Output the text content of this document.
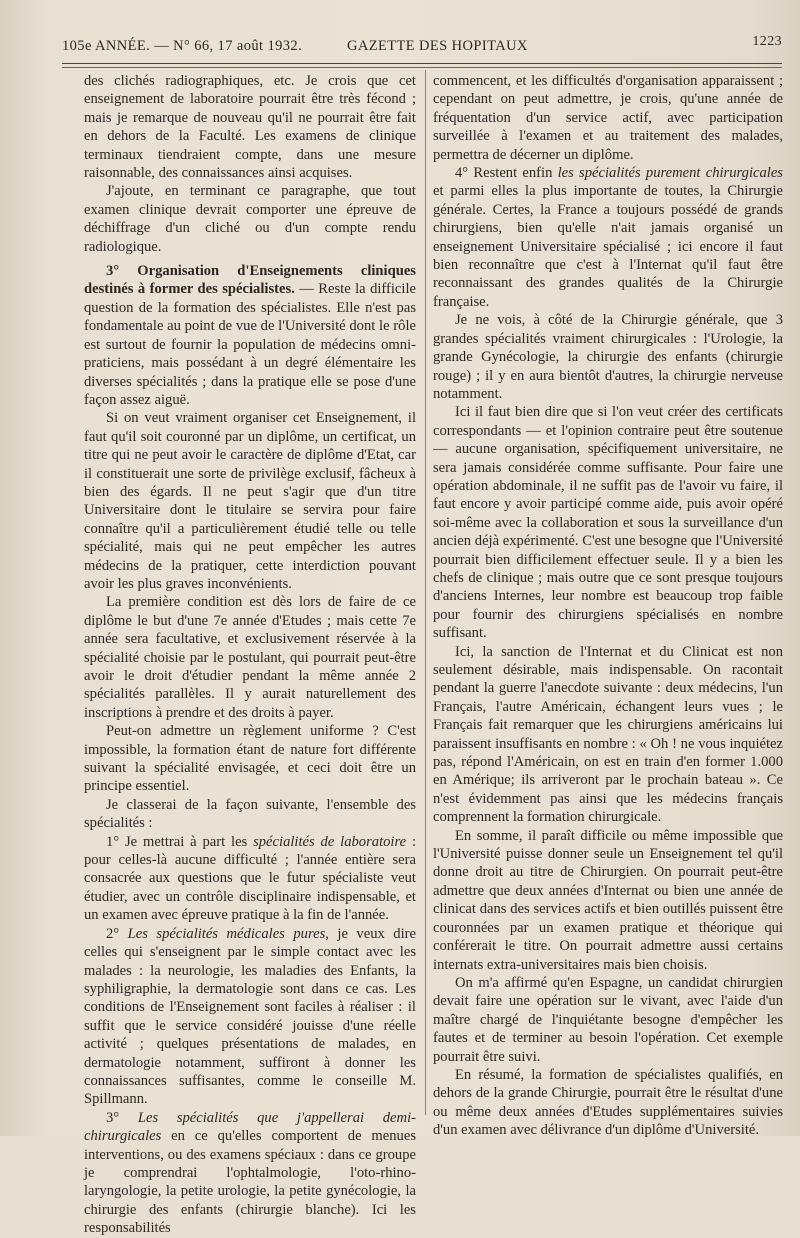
105e ANNÉE. — N° 66, 17 août 1932.	GAZETTE DES HOPITAUX	1223

des clichés radiographiques, etc. Je crois que cet enseignement de laboratoire pourrait être très fécond ; mais je remarque de nouveau qu'il ne pourrait être fait en dehors de la Faculté. Les examens de clinique terminaux tiendraient compte, dans une mesure raisonnable, des connaissances ainsi acquises.

J'ajoute, en terminant ce paragraphe, que tout examen clinique devrait comporter une épreuve de déchiffrage d'un cliché ou d'un compte rendu radiologique.

3° Organisation d'Enseignements cliniques destinés à former des spécialistes. — Reste la difficile question de la formation des spécialistes. Elle n'est pas fondamentale au point de vue de l'Université dont le rôle est surtout de fournir la population de médecins omni-praticiens, mais possédant à un degré élémentaire les diverses spécialités ; dans la pratique elle se pose d'une façon assez aiguë.

Si on veut vraiment organiser cet Enseignement, il faut qu'il soit couronné par un diplôme, un certificat, un titre qui ne peut avoir le caractère de diplôme d'Etat, car il constituerait une sorte de privilège exclusif, fâcheux à bien des égards. Il ne peut s'agir que d'un titre Universitaire dont le titulaire se servira pour faire connaître qu'il a particulièrement étudié telle ou telle spécialité, mais qui ne peut empêcher les autres médecins de la pratiquer, cette interdiction pouvant avoir les plus graves inconvénients.

La première condition est dès lors de faire de ce diplôme le but d'une 7e année d'Etudes ; mais cette 7e année sera facultative, et exclusivement réservée à la spécialité choisie par le postulant, qui pourrait peut-être avoir le droit d'étudier pendant la même année 2 spécialités parallèles. Il y aurait naturellement des inscriptions à prendre et des droits à payer.

Peut-on admettre un règlement uniforme ? C'est impossible, la formation étant de nature fort différente suivant la spécialité envisagée, et ceci doit être un principe essentiel.

Je classerai de la façon suivante, l'ensemble des spécialités :

1° Je mettrai à part les spécialités de laboratoire : pour celles-là aucune difficulté ; l'année entière sera consacrée aux questions que le futur spécialiste veut étudier, avec un contrôle disciplinaire indispensable, et un examen avec épreuve pratique à la fin de l'année.

2° Les spécialités médicales pures, je veux dire celles qui s'enseignent par le simple contact avec les malades : la neurologie, les maladies des Enfants, la syphiligraphie, la dermatologie sont dans ce cas. Les conditions de l'Enseignement sont faciles à réaliser : il suffit que le service considéré jouisse d'une réelle activité ; quelques présentations de malades, en dermatologie notamment, suffiront à donner les connaissances suffisantes, comme le conseille M. Spillmann.

3° Les spécialités que j'appellerai demi-chirurgicales en ce qu'elles comportent de menues interventions, ou des examens spéciaux : dans ce groupe je comprendrai l'ophtalmologie, l'oto-rhino-laryngologie, la petite urologie, la petite gynécologie, la chirurgie des enfants (chirurgie blanche). Ici les responsabilités

commencent, et les difficultés d'organisation apparaissent ; cependant on peut admettre, je crois, qu'une année de fréquentation d'un service actif, avec participation surveillée à l'examen et au traitement des malades, permettra de décerner un diplôme.

4° Restent enfin les spécialités purement chirurgicales et parmi elles la plus importante de toutes, la Chirurgie générale. Certes, la France a toujours possédé de grands chirurgiens, bien qu'elle n'ait jamais organisé un enseignement Universitaire spécialisé ; ici encore il faut bien reconnaître que c'est à l'Internat qu'il faut être reconnaissant des grandes qualités de la Chirurgie française.

Je ne vois, à côté de la Chirurgie générale, que 3 grandes spécialités vraiment chirurgicales : l'Urologie, la grande Gynécologie, la chirurgie des enfants (chirurgie rouge) ; il y en aura bientôt d'autres, la chirurgie nerveuse notamment.

Ici il faut bien dire que si l'on veut créer des certificats correspondants — et l'opinion contraire peut être soutenue — aucune organisation, spécifiquement universitaire, ne sera jamais considérée comme suffisante. Pour faire une opération abdominale, il ne suffit pas de l'avoir vu faire, il faut encore y avoir participé comme aide, puis avoir opéré soi-même avec la collaboration et sous la surveillance d'un ancien déjà expérimenté. C'est une besogne que l'Université pourrait bien difficilement effectuer seule. Il y a bien les chefs de clinique ; mais outre que ce sont presque toujours d'anciens Internes, leur nombre est beaucoup trop faible pour fournir des chirurgiens spécialisés en nombre suffisant.

Ici, la sanction de l'Internat et du Clinicat est non seulement désirable, mais indispensable. On racontait pendant la guerre l'anecdote suivante : deux médecins, l'un Français, l'autre Américain, échangent leurs vues ; le Français fait remarquer que les chirurgiens américains lui paraissent insuffisants en nombre : « Oh ! ne vous inquiétez pas, répond l'Américain, on est en train d'en former 1.000 en Amérique; ils arriveront par le prochain bateau ». Ce n'est évidemment pas ainsi que les médecins français comprennent la formation chirurgicale.

En somme, il paraît difficile ou même impossible que l'Université puisse donner seule un Enseignement tel qu'il donne droit au titre de Chirurgien. On pourrait peut-être admettre que deux années d'Internat ou bien une année de clinicat dans des services actifs et bien outillés puissent être couronnées par un examen pratique et théorique qui conférerait le titre. On pourrait admettre aussi certains internats extra-universitaires mais bien choisis.

On m'a affirmé qu'en Espagne, un candidat chirurgien devait faire une opération sur le vivant, avec l'aide d'un maître chargé de l'inquiétante besogne d'empêcher les fautes et de terminer au besoin l'opération. Cet exemple pourrait être suivi.

En résumé, la formation de spécialistes qualifiés, en dehors de la grande Chirurgie, pourrait être le résultat d'une ou même deux années d'Etudes supplémentaires suivies d'un examen avec délivrance d'un diplôme d'Université.
